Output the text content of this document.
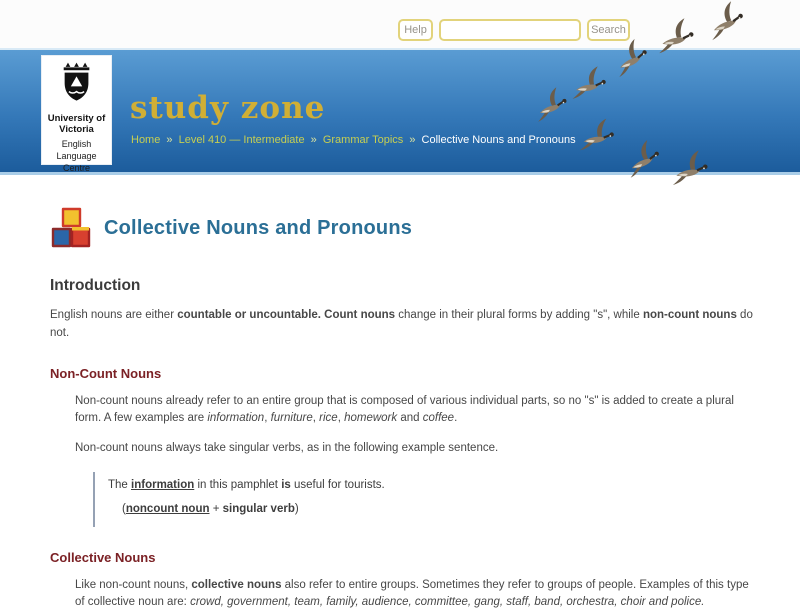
Help	Search
University of Victoria
English Language Centre
study zone
Home » Level 410 — Intermediate » Grammar Topics » Collective Nouns and Pronouns
Collective Nouns and Pronouns
Introduction

English nouns are either countable or uncountable. Count nouns change in their plural forms by adding "s", while non-count nouns do not.

Non-Count Nouns

Non-count nouns already refer to an entire group that is composed of various individual parts, so no "s" is added to create a plural form. A few examples are information, furniture, rice, homework and coffee.

Non-count nouns always take singular verbs, as in the following example sentence.

The information in this pamphlet is useful for tourists.
(noncount noun + singular verb)
Collective Nouns

Like non-count nouns, collective nouns also refer to entire groups. Sometimes they refer to groups of people. Examples of this type of collective noun are: crowd, government, team, family, audience, committee, gang, staff, band, orchestra, choir and police.
